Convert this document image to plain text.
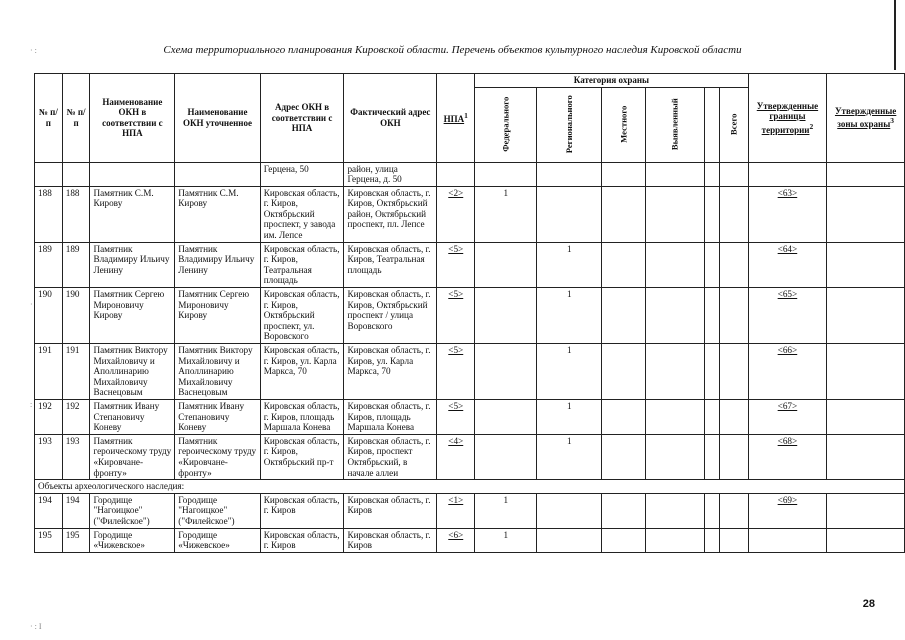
· :
·
:
· : I
Схема территориального планирования Кировской области. Перечень объектов культурного наследия Кировской области
№ п/п	№ п/п	Наименование ОКН в соответствии с НПА	Наименование ОКН уточненное	Адрес ОКН в соответствии с НПА	Фактический адрес ОКН	НПА$^1$	Категория охраны						Утвержденные границы территории$^2$	Утвержденные зоны охраны$^3$
							Федерального	Регионального	Местного	Выявленный		Всего		
				Герцена, 50	район, улица Герцена, д. 50									
188	188	Памятник С.М. Кирову	Памятник С.М. Кирову	Кировская область, г. Киров, Октябрьский проспект, у завода им. Лепсе	Кировская область, г. Киров, Октябрьский район, Октябрьский проспект, пл. Лепсе	<2>	1						<63>	
189	189	Памятник Владимиру Ильичу Ленину	Памятник Владимиру Ильичу Ленину	Кировская область, г. Киров, Театральная площадь	Кировская область, г. Киров, Театральная площадь	<5>		1					<64>	
190	190	Памятник Сергею Мироновичу Кирову	Памятник Сергею Мироновичу Кирову	Кировская область, г. Киров, Октябрьский проспект, ул. Воровского	Кировская область, г. Киров, Октябрьский проспект / улица Воровского	<5>		1					<65>	
191	191	Памятник Виктору Михайловичу и Аполлинарию Михайловичу Васнецовым	Памятник Виктору Михайловичу и Аполлинарию Михайловичу Васнецовым	Кировская область, г. Киров, ул. Карла Маркса, 70	Кировская область, г. Киров, ул. Карла Маркса, 70	<5>		1					<66>	
192	192	Памятник Ивану Степановичу Коневу	Памятник Ивану Степановичу Коневу	Кировская область, г. Киров, площадь Маршала Конева	Кировская область, г. Киров, площадь Маршала Конева	<5>		1					<67>	
193	193	Памятник героическому труду «Кировчане-фронту»	Памятник героическому труду «Кировчане-фронту»	Кировская область, г. Киров, Октябрьский пр-т	Кировская область, г. Киров, проспект Октябрьский, в начале аллеи	<4>		1					<68>	
Объекты археологического наследия:														
194	194	Городище "Нагоицкое" ("Филейское")	Городище "Нагоицкое" ("Филейское")	Кировская область, г. Киров	Кировская область, г. Киров	<1>	1						<69>	
195	195	Городище «Чижевское»	Городище «Чижевское»	Кировская область, г. Киров	Кировская область, г. Киров	<6>	1							
28
